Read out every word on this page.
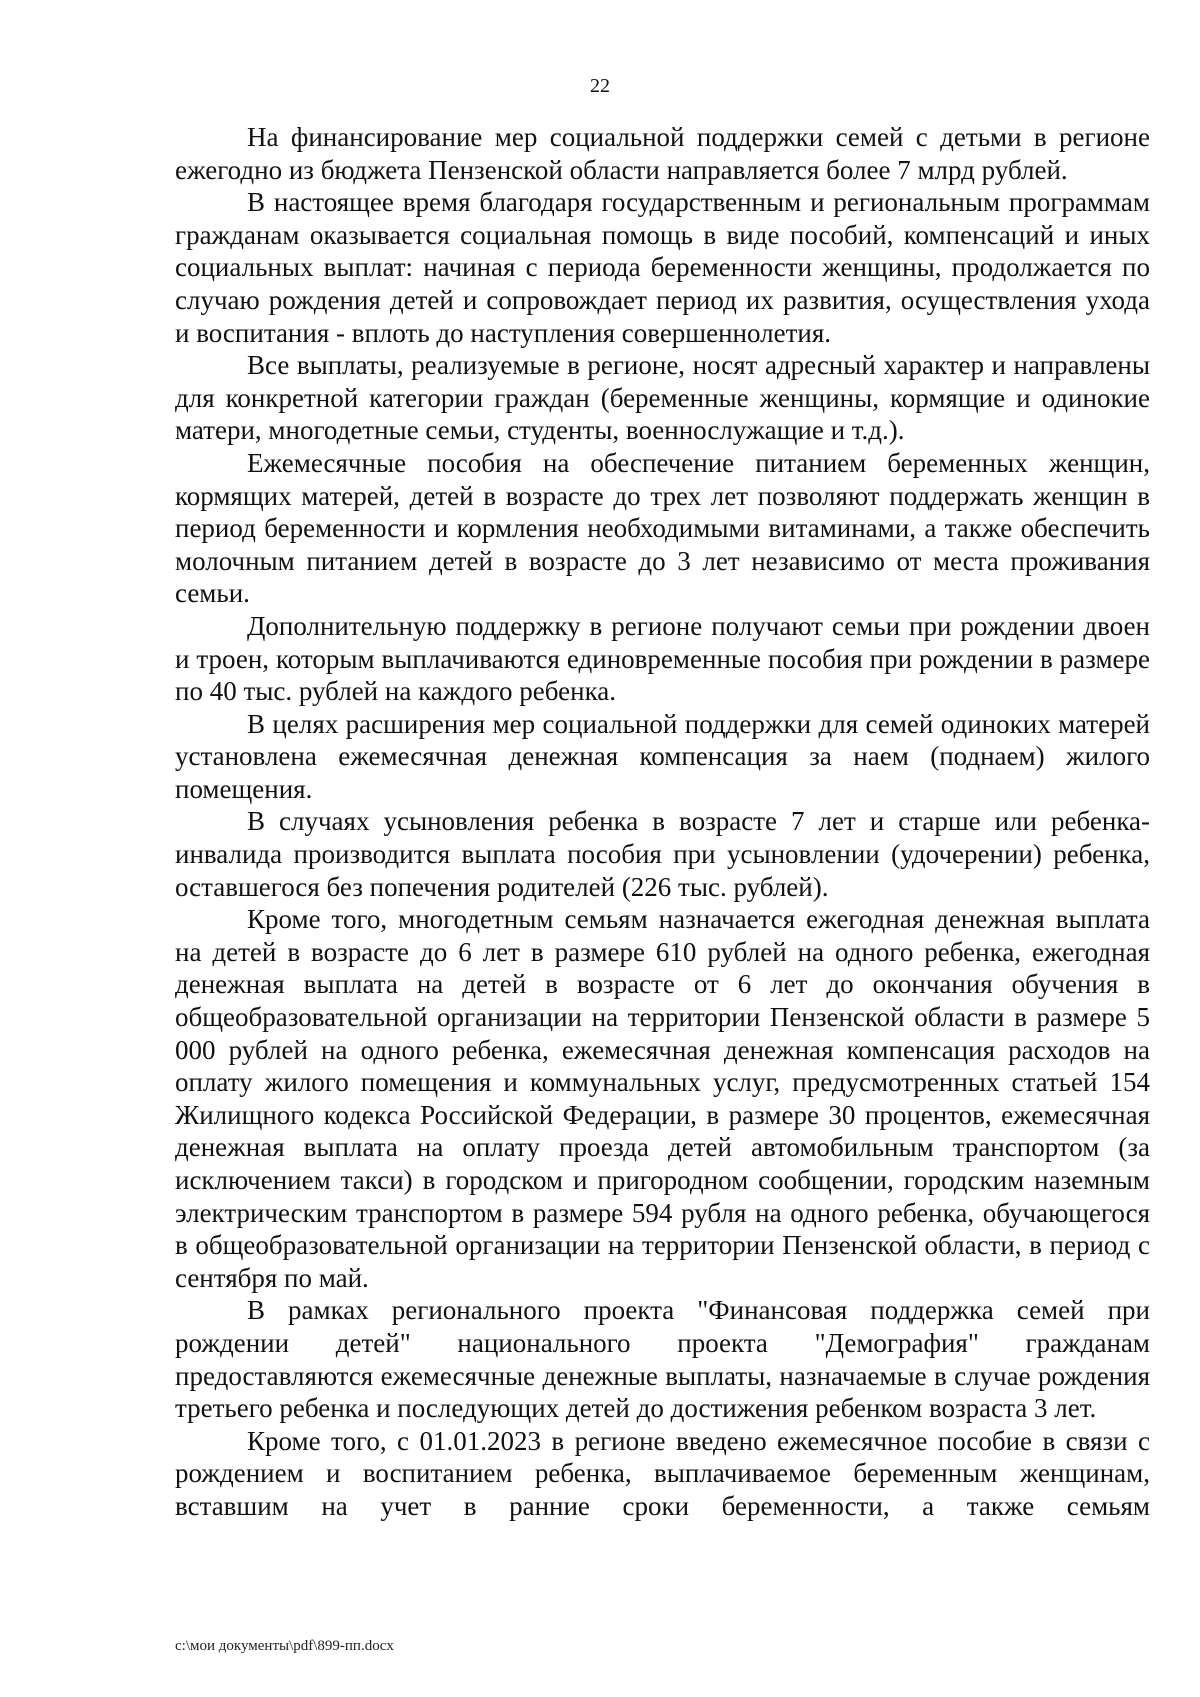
22

На финансирование мер социальной поддержки семей с детьми в регионе ежегодно из бюджета Пензенской области направляется более 7 млрд рублей.

В настоящее время благодаря государственным и региональным программам гражданам оказывается социальная помощь в виде пособий, компенсаций и иных социальных выплат: начиная с периода беременности женщины, продолжается по случаю рождения детей и сопровождает период их развития, осуществления ухода и воспитания - вплоть до наступления совершеннолетия.

Все выплаты, реализуемые в регионе, носят адресный характер и направлены для конкретной категории граждан (беременные женщины, кормящие и одинокие матери, многодетные семьи, студенты, военнослужащие и т.д.).

Ежемесячные пособия на обеспечение питанием беременных женщин, кормящих матерей, детей в возрасте до трех лет позволяют поддержать женщин в период беременности и кормления необходимыми витаминами, а также обеспечить молочным питанием детей в возрасте до 3 лет независимо от места проживания семьи.

Дополнительную поддержку в регионе получают семьи при рождении двоен и троен, которым выплачиваются единовременные пособия при рождении в размере по 40 тыс. рублей на каждого ребенка.

В целях расширения мер социальной поддержки для семей одиноких матерей установлена ежемесячная денежная компенсация за наем (поднаем) жилого помещения.

В случаях усыновления ребенка в возрасте 7 лет и старше или ребенка-инвалида производится выплата пособия при усыновлении (удочерении) ребенка, оставшегося без попечения родителей (226 тыс. рублей).

Кроме того, многодетным семьям назначается ежегодная денежная выплата на детей в возрасте до 6 лет в размере 610 рублей на одного ребенка, ежегодная денежная выплата на детей в возрасте от 6 лет до окончания обучения в общеобразовательной организации на территории Пензенской области в размере 5 000 рублей на одного ребенка, ежемесячная денежная компенсация расходов на оплату жилого помещения и коммунальных услуг, предусмотренных статьей 154 Жилищного кодекса Российской Федерации, в размере 30 процентов, ежемесячная денежная выплата на оплату проезда детей автомобильным транспортом (за исключением такси) в городском и пригородном сообщении, городским наземным электрическим транспортом в размере 594 рубля на одного ребенка, обучающегося в общеобразовательной организации на территории Пензенской области, в период с сентября по май.

В рамках регионального проекта "Финансовая поддержка семей при рождении детей" национального проекта "Демография" гражданам предоставляются ежемесячные денежные выплаты, назначаемые в случае рождения третьего ребенка и последующих детей до достижения ребенком возраста 3 лет.

Кроме того, с 01.01.2023 в регионе введено ежемесячное пособие в связи с рождением и воспитанием ребенка, выплачиваемое беременным женщинам, вставшим на учет в ранние сроки беременности, а также семьям

c:\мои документы\pdf\899-пп.docx
